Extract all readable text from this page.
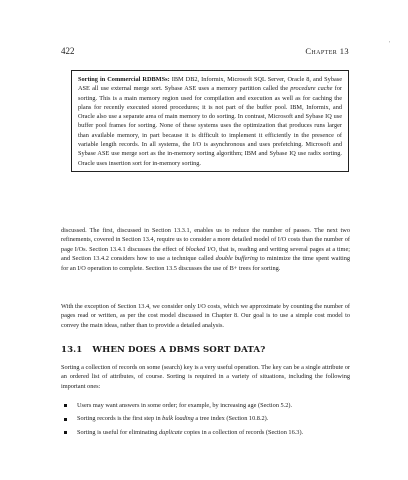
422	Chapter 13
'

Sorting in Commercial RDBMSs: IBM DB2, Informix, Microsoft SQL Server, Oracle 8, and Sybase ASE all use external merge sort. Sybase ASE uses a memory partition called the procedure cache for sorting. This is a main memory region used for compilation and execution as well as for caching the plans for recently executed stored procedures; it is not part of the buffer pool. IBM, Informix, and Oracle also use a separate area of main memory to do sorting. In contrast, Microsoft and Sybase IQ use buffer pool frames for sorting. None of these systems uses the optimization that produces runs larger than available memory, in part because it is difficult to implement it efficiently in the presence of variable length records. In all systems, the I/O is asynchronous and uses prefetching. Microsoft and Sybase ASE use merge sort as the in-memory sorting algorithm; IBM and Sybase IQ use radix sorting. Oracle uses insertion sort for in-memory sorting.

discussed. The first, discussed in Section 13.3.1, enables us to reduce the number of passes. The next two refinements, covered in Section 13.4, require us to consider a more detailed model of I/O costs than the number of page I/Os. Section 13.4.1 discusses the effect of blocked I/O, that is, reading and writing several pages at a time; and Section 13.4.2 considers how to use a technique called double buffering to minimize the time spent waiting for an I/O operation to complete. Section 13.5 discusses the use of B+ trees for sorting.

With the exception of Section 13.4, we consider only I/O costs, which we approximate by counting the number of pages read or written, as per the cost model discussed in Chapter 8. Our goal is to use a simple cost model to convey the main ideas, rather than to provide a detailed analysis.

13.1 WHEN DOES A DBMS SORT DATA?

Sorting a collection of records on some (search) key is a very useful operation. The key can be a single attribute or an ordered list of attributes, of course. Sorting is required in a variety of situations, including the following important ones:

Users may want answers in some order; for example, by increasing age (Section 5.2).
Sorting records is the first step in bulk loading a tree index (Section 10.8.2).
Sorting is useful for eliminating duplicate copies in a collection of records (Section 16.3).
